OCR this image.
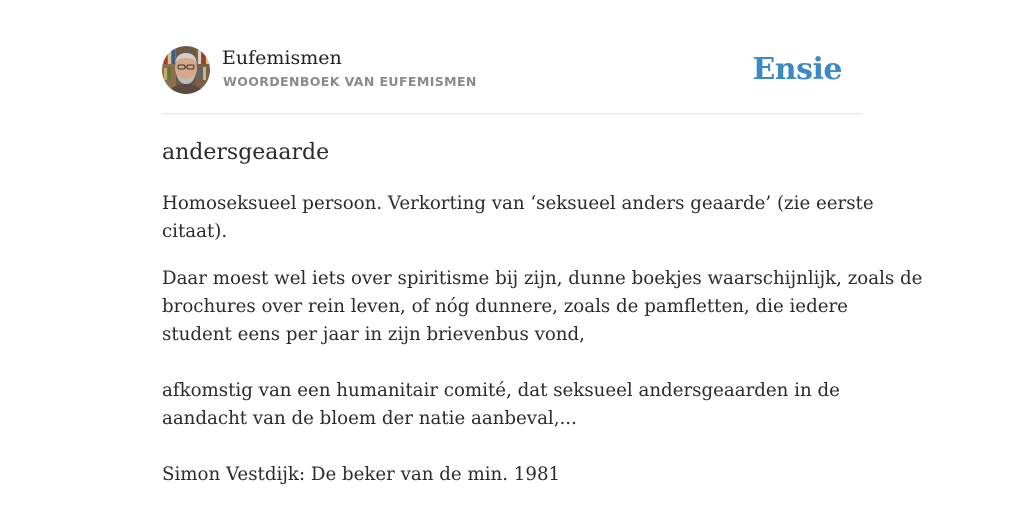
Eufemismen
WOORDENBOEK VAN EUFEMISMEN	Ensie
andersgeaarde

Homoseksueel persoon. Verkorting van ‘seksueel anders geaarde’ (zie eerste
citaat).

Daar moest wel iets over spiritisme bij zijn, dunne boekjes waarschijnlijk, zoals de
brochures over rein leven, of nóg dunnere, zoals de pamfletten, die iedere
student eens per jaar in zijn brievenbus vond,

afkomstig van een humanitair comité, dat seksueel andersgeaarden in de
aandacht van de bloem der natie aanbeval,...

Simon Vestdijk: De beker van de min. 1981
